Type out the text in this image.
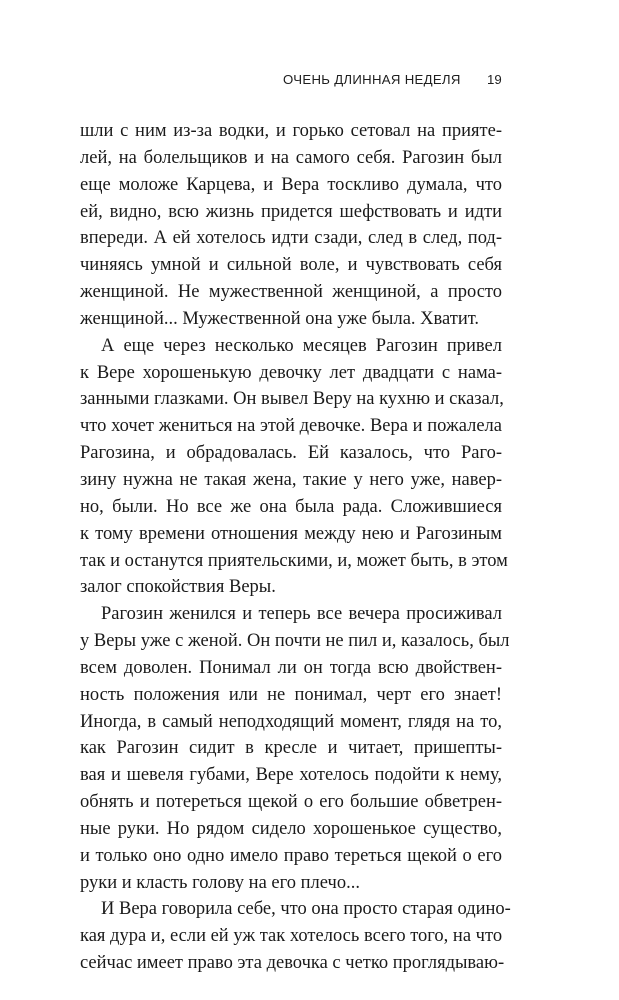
ОЧЕНЬ ДЛИННАЯ НЕДЕЛЯ 19
шли с ним из-за водки, и горько сетовал на прияте-
лей, на болельщиков и на самого себя. Рагозин был
еще моложе Карцева, и Вера тоскливо думала, что
ей, видно, всю жизнь придется шефствовать и идти
впереди. А ей хотелось идти сзади, след в след, под-
чиняясь умной и сильной воле, и чувствовать себя
женщиной. Не мужественной женщиной, а просто
женщиной... Мужественной она уже была. Хватит.
А еще через несколько месяцев Рагозин привел
к Вере хорошенькую девочку лет двадцати с нама-
занными глазками. Он вывел Веру на кухню и сказал,
что хочет жениться на этой девочке. Вера и пожалела
Рагозина, и обрадовалась. Ей казалось, что Раго-
зину нужна не такая жена, такие у него уже, навер-
но, были. Но все же она была рада. Сложившиеся
к тому времени отношения между нею и Рагозиным
так и останутся приятельскими, и, может быть, в этом
залог спокойствия Веры.
Рагозин женился и теперь все вечера просиживал
у Веры уже с женой. Он почти не пил и, казалось, был
всем доволен. Понимал ли он тогда всю двойствен-
ность положения или не понимал, черт его знает!
Иногда, в самый неподходящий момент, глядя на то,
как Рагозин сидит в кресле и читает, пришепты-
вая и шевеля губами, Вере хотелось подойти к нему,
обнять и потереться щекой о его большие обветрен-
ные руки. Но рядом сидело хорошенькое существо,
и только оно одно имело право тереться щекой о его
руки и класть голову на его плечо...
И Вера говорила себе, что она просто старая одино-
кая дура и, если ей уж так хотелось всего того, на что
сейчас имеет право эта девочка с четко проглядываю-
